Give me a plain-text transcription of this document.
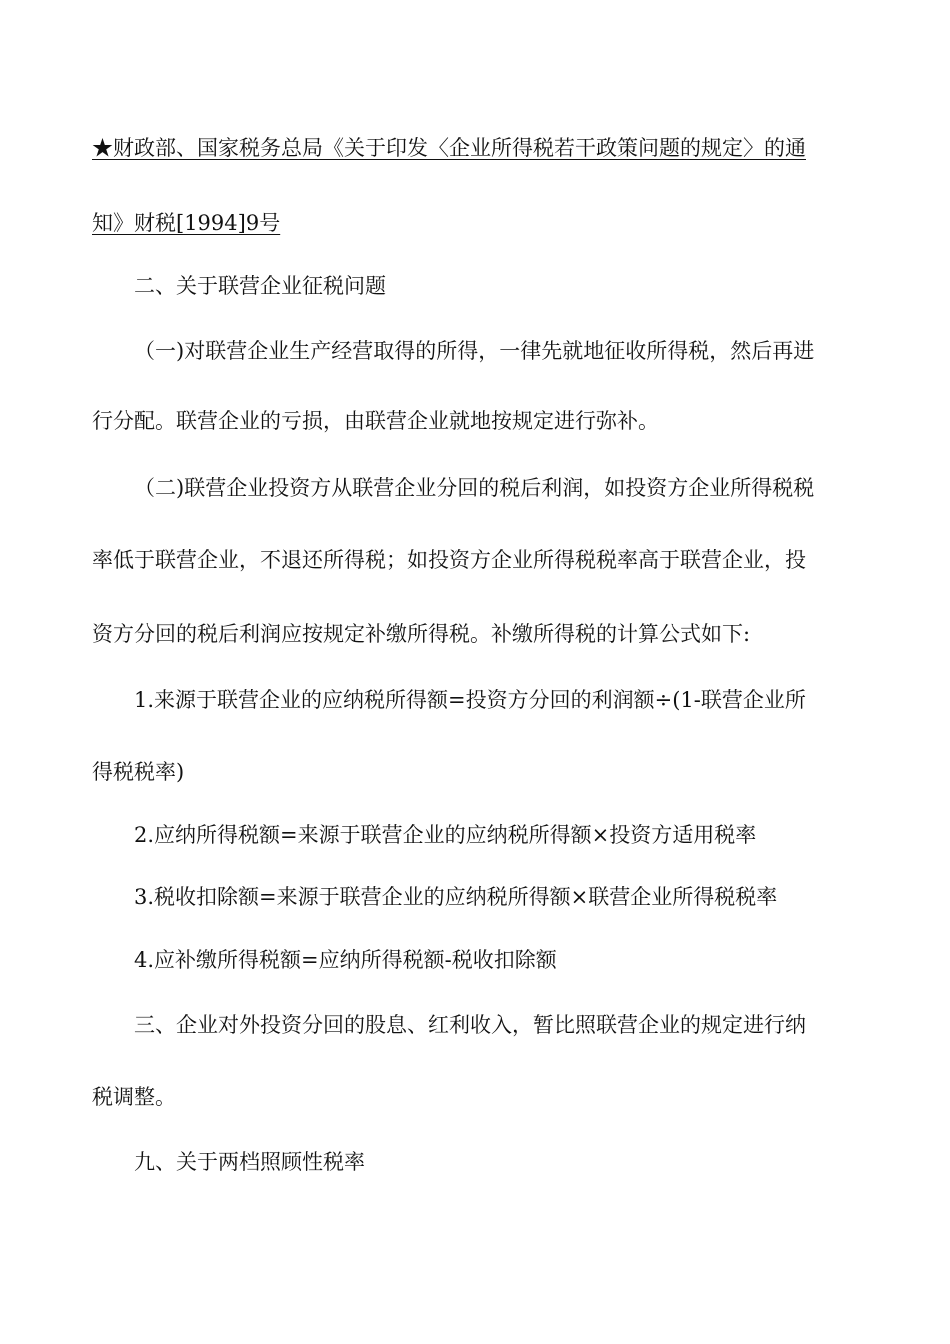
★财政部、国家税务总局《关于印发〈企业所得税若干政策问题的规定〉的通
知》财税[1994]9号
二、关于联营企业征税问题
（一)对联营企业生产经营取得的所得，一律先就地征收所得税，然后再进
行分配。联营企业的亏损，由联营企业就地按规定进行弥补。
（二)联营企业投资方从联营企业分回的税后利润，如投资方企业所得税税
率低于联营企业，不退还所得税；如投资方企业所得税税率高于联营企业，投
资方分回的税后利润应按规定补缴所得税。补缴所得税的计算公式如下:
1.来源于联营企业的应纳税所得额=投资方分回的利润额÷(1-联营企业所
得税税率)
2.应纳所得税额=来源于联营企业的应纳税所得额×投资方适用税率
3.税收扣除额=来源于联营企业的应纳税所得额×联营企业所得税税率
4.应补缴所得税额=应纳所得税额-税收扣除额
三、企业对外投资分回的股息、红利收入，暂比照联营企业的规定进行纳
税调整。
九、关于两档照顾性税率
